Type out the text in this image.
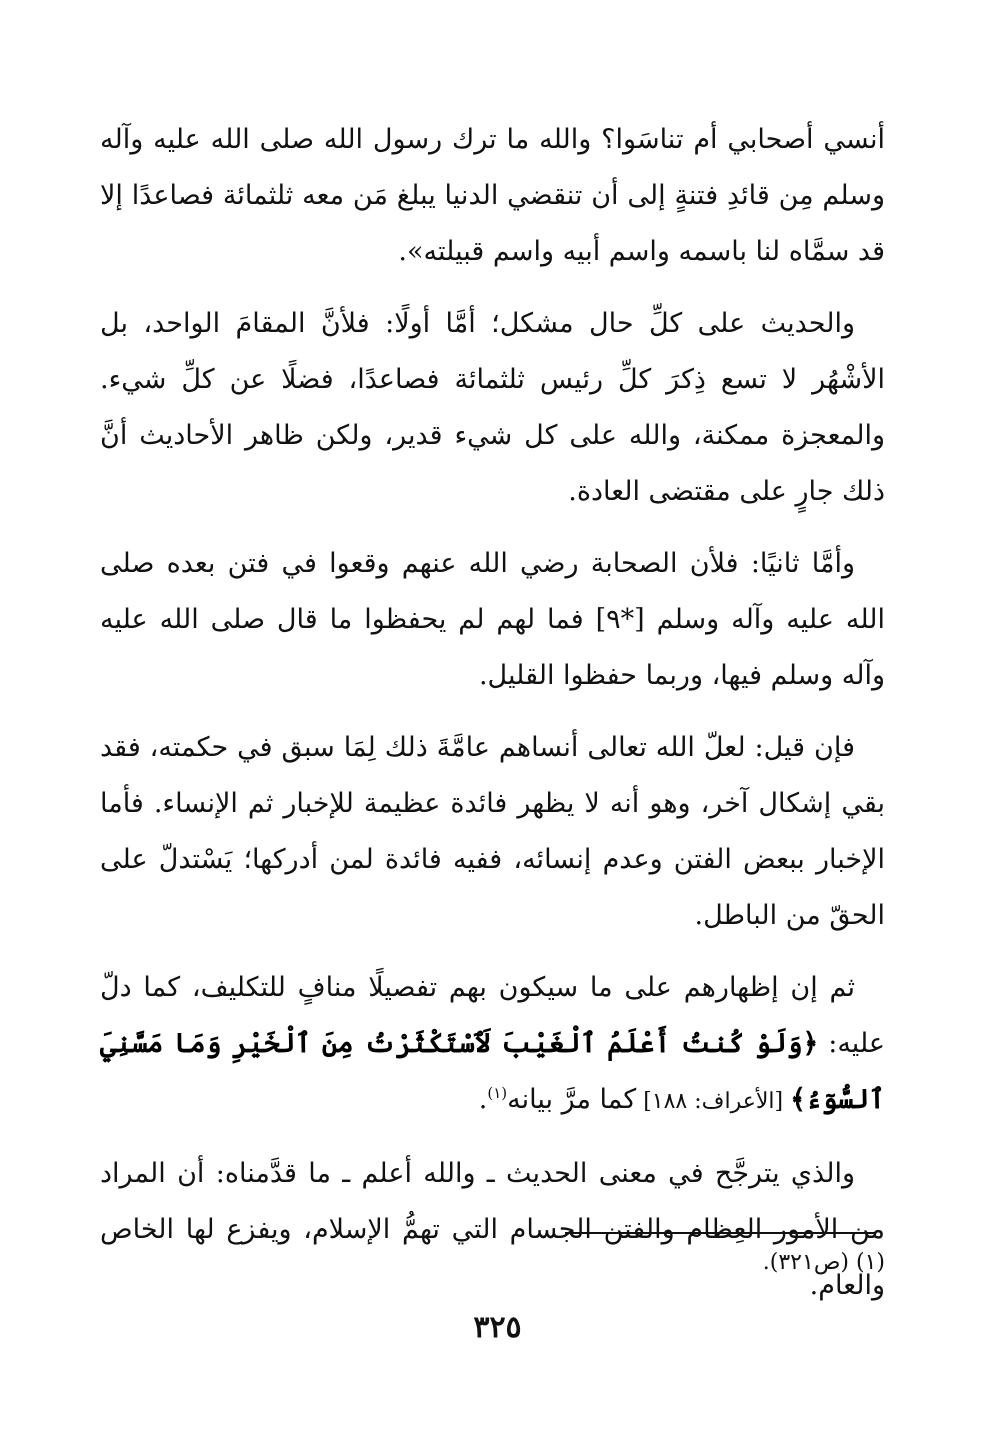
أنسي أصحابي أم تناسَوا؟ والله ما ترك رسول الله صلى الله عليه وآله وسلم مِن قائدِ فتنةٍ إلى أن تنقضي الدنيا يبلغ مَن معه ثلثمائة فصاعدًا إلا قد سمَّاه لنا باسمه واسم أبيه واسم قبيلته».

والحديث على كلِّ حال مشكل؛ أمَّا أولًا: فلأنَّ المقامَ الواحد، بل الأشْهُر لا تسع ذِكرَ كلِّ رئيس ثلثمائة فصاعدًا، فضلًا عن كلِّ شيء. والمعجزة ممكنة، والله على كل شيء قدير، ولكن ظاهر الأحاديث أنَّ ذلك جارٍ على مقتضى العادة.

وأمَّا ثانيًا: فلأن الصحابة رضي الله عنهم وقعوا في فتن بعده صلى الله عليه وآله وسلم [*٩] فما لهم لم يحفظوا ما قال صلى الله عليه وآله وسلم فيها، وربما حفظوا القليل.

فإن قيل: لعلّ الله تعالى أنساهم عامَّةَ ذلك لِمَا سبق في حكمته، فقد بقي إشكال آخر، وهو أنه لا يظهر فائدة عظيمة للإخبار ثم الإنساء. فأما الإخبار ببعض الفتن وعدم إنسائه، ففيه فائدة لمن أدركها؛ يَسْتدلّ على الحقّ من الباطل.

ثم إن إظهارهم على ما سيكون بهم تفصيلًا منافٍ للتكليف، كما دلّ عليه: ﴿وَلَوْ كُنتُ أَعْلَمُ ٱلْغَيْبَ لَٱسْتَكْثَرْتُ مِنَ ٱلْخَيْرِ وَمَا مَسَّنِيَ ٱلسُّوٓءُ﴾ [الأعراف: ١٨٨] كما مرَّ بيانه$^{(١)}$.

والذي يترجَّح في معنى الحديث ـ والله أعلم ـ ما قدَّمناه: أن المراد من الأمور العِظام والفتن الجسام التي تهمُّ الإسلام، ويفزع لها الخاص والعام.

(١) (ص٣٢١).
٣٢٥
